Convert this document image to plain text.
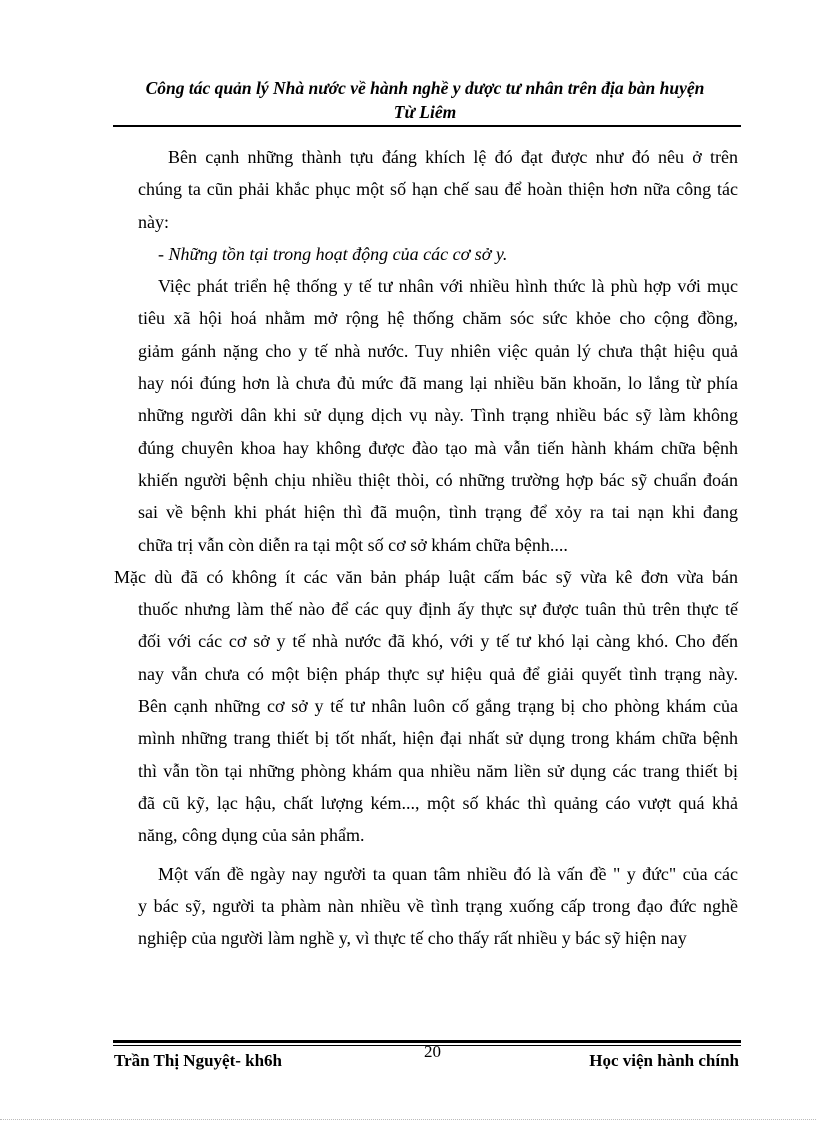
Công tác quản lý Nhà nước về hành nghề y dược tư nhân trên địa bàn huyện
Từ Liêm

Bên cạnh những thành tựu đáng khích lệ đó đạt được như đó nêu ở trên
chúng ta cũn phải khắc phục một số hạn chế sau để hoàn thiện hơn nữa công tác
này:

- Những tồn tại trong hoạt động của các cơ sở y.

Việc phát triển hệ thống y tế tư nhân với nhiều hình thức là phù hợp với mục
tiêu xã hội hoá nhằm mở rộng hệ thống chăm sóc sức khỏe cho cộng đồng,
giảm gánh nặng cho y tế nhà nước. Tuy nhiên việc quản lý chưa thật hiệu quả
hay nói đúng hơn là chưa đủ mức đã mang lại nhiều băn khoăn, lo lắng từ phía
những người dân khi sử dụng dịch vụ này. Tình trạng nhiều bác sỹ làm không
đúng chuyên khoa hay không được đào tạo mà vẫn tiến hành khám chữa bệnh
khiến người bệnh chịu nhiều thiệt thòi, có những trường hợp bác sỹ chuẩn đoán
sai về bệnh khi phát hiện thì đã muộn, tình trạng để xỏy ra tai nạn khi đang
chữa trị vẫn còn diễn ra tại một số cơ sở khám chữa bệnh....

Mặc dù đã có không ít các văn bản pháp luật cấm bác sỹ vừa kê đơn vừa bán
thuốc nhưng làm thế nào để các quy định ấy thực sự được tuân thủ trên thực tế
đối với các cơ sở y tế nhà nước đã khó, với y tế tư khó lại càng khó. Cho đến
nay vẫn chưa có một biện pháp thực sự hiệu quả để giải quyết tình trạng này.
Bên cạnh những cơ sở y tế tư nhân luôn cố gắng trạng bị cho phòng khám của
mình những trang thiết bị tốt nhất, hiện đại nhất sử dụng trong khám chữa bệnh
thì vẫn tồn tại những phòng khám qua nhiều năm liền sử dụng các trang thiết bị
đã cũ kỹ, lạc hậu, chất lượng kém..., một số khác thì quảng cáo vượt quá khả
năng, công dụng của sản phẩm.

Một vấn đề ngày nay người ta quan tâm nhiều đó là vấn đề " y đức" của các
y bác sỹ, người ta phàm nàn nhiều về tình trạng xuống cấp trong đạo đức nghề
nghiệp của người làm nghề y, vì thực tế cho thấy rất nhiều y bác sỹ hiện nay

Trần Thị Nguyệt- kh6h	20	Học viện hành chính
